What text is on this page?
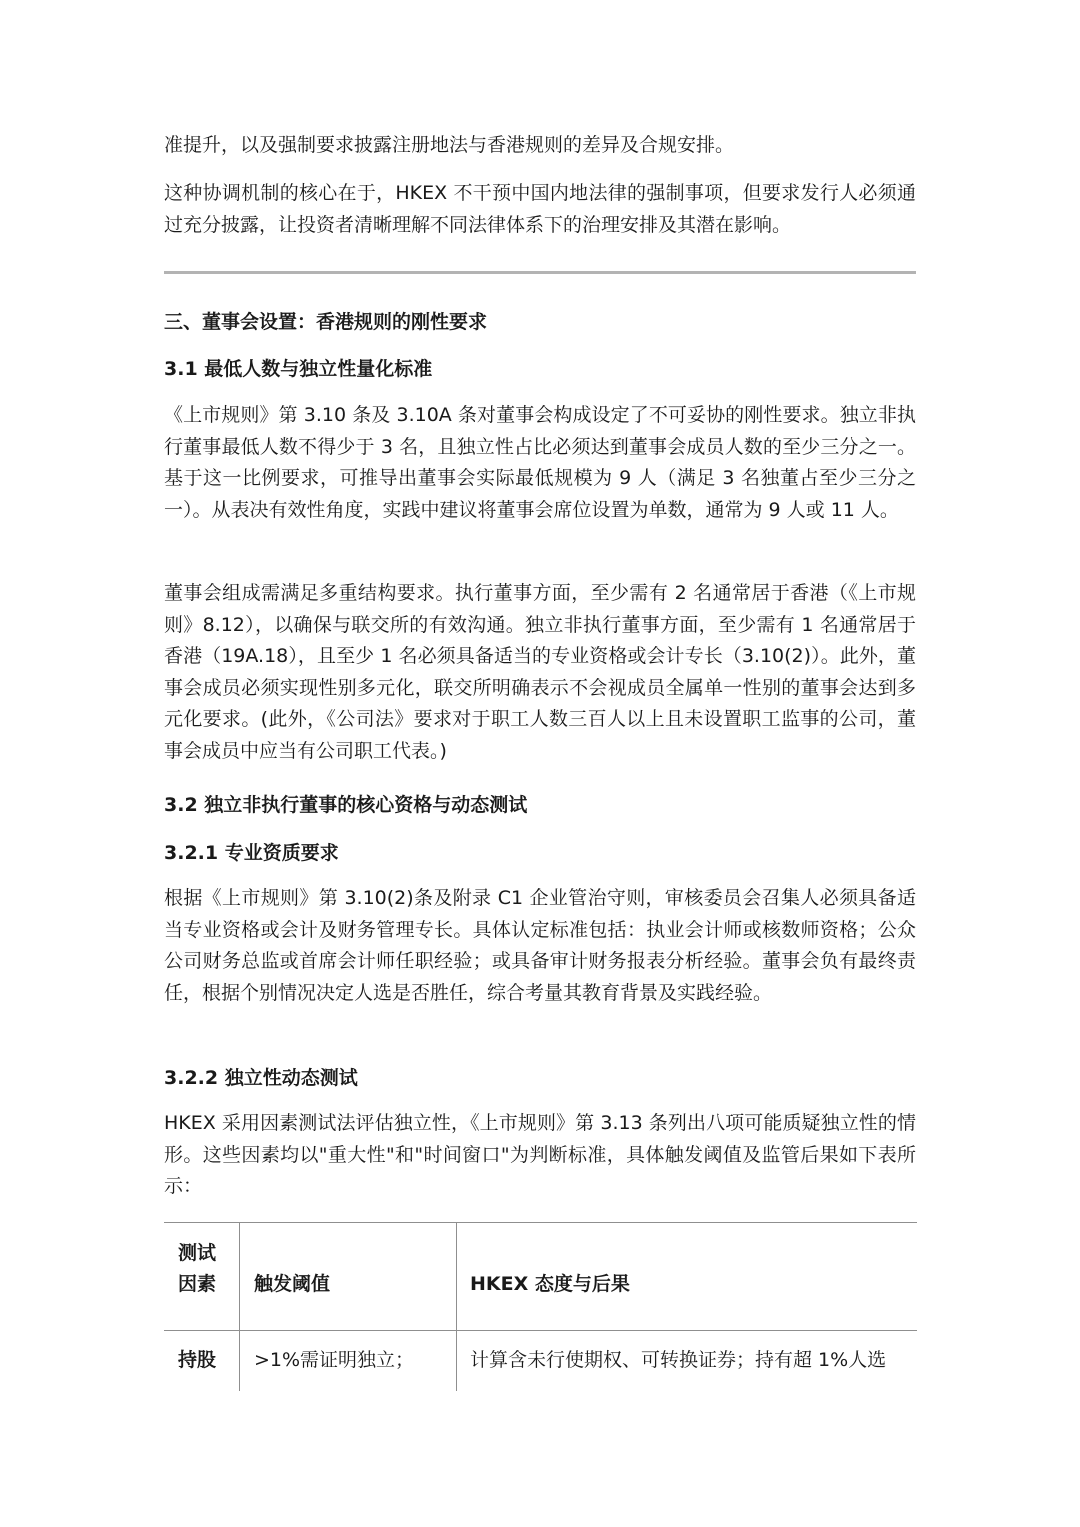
准提升，以及强制要求披露注册地法与香港规则的差异及合规安排。

这种协调机制的核心在于，HKEX 不干预中国内地法律的强制事项，但要求发行人必须通过充分披露，让投资者清晰理解不同法律体系下的治理安排及其潜在影响。

三、董事会设置：香港规则的刚性要求
3.1 最低人数与独立性量化标准

《上市规则》第 3.10 条及 3.10A 条对董事会构成设定了不可妥协的刚性要求。独立非执行董事最低人数不得少于 3 名，且独立性占比必须达到董事会成员人数的至少三分之一。基于这一比例要求，可推导出董事会实际最低规模为 9 人（满足 3 名独董占至少三分之一）。从表决有效性角度，实践中建议将董事会席位设置为单数，通常为 9 人或 11 人。

董事会组成需满足多重结构要求。执行董事方面，至少需有 2 名通常居于香港（《上市规则》8.12），以确保与联交所的有效沟通。独立非执行董事方面，至少需有 1 名通常居于香港（19A.18），且至少 1 名必须具备适当的专业资格或会计专长（3.10(2)）。此外，董事会成员必须实现性别多元化，联交所明确表示不会视成员全属单一性别的董事会达到多元化要求。(此外，《公司法》要求对于职工人数三百人以上且未设置职工监事的公司，董事会成员中应当有公司职工代表。)

3.2 独立非执行董事的核心资格与动态测试
3.2.1 专业资质要求

根据《上市规则》第 3.10(2)条及附录 C1 企业管治守则，审核委员会召集人必须具备适当专业资格或会计及财务管理专长。具体认定标准包括：执业会计师或核数师资格；公众公司财务总监或首席会计师任职经验；或具备审计财务报表分析经验。董事会负有最终责任，根据个别情况决定人选是否胜任，综合考量其教育背景及实践经验。

3.2.2 独立性动态测试

HKEX 采用因素测试法评估独立性，《上市规则》第 3.13 条列出八项可能质疑独立性的情形。这些因素均以"重大性"和"时间窗口"为判断标准，具体触发阈值及监管后果如下表所示：

测试
因素 触发阈值	HKEX 态度与后果
持股 >1%需证明独立；	计算含未行使期权、可转换证券；持有超 1%人选
